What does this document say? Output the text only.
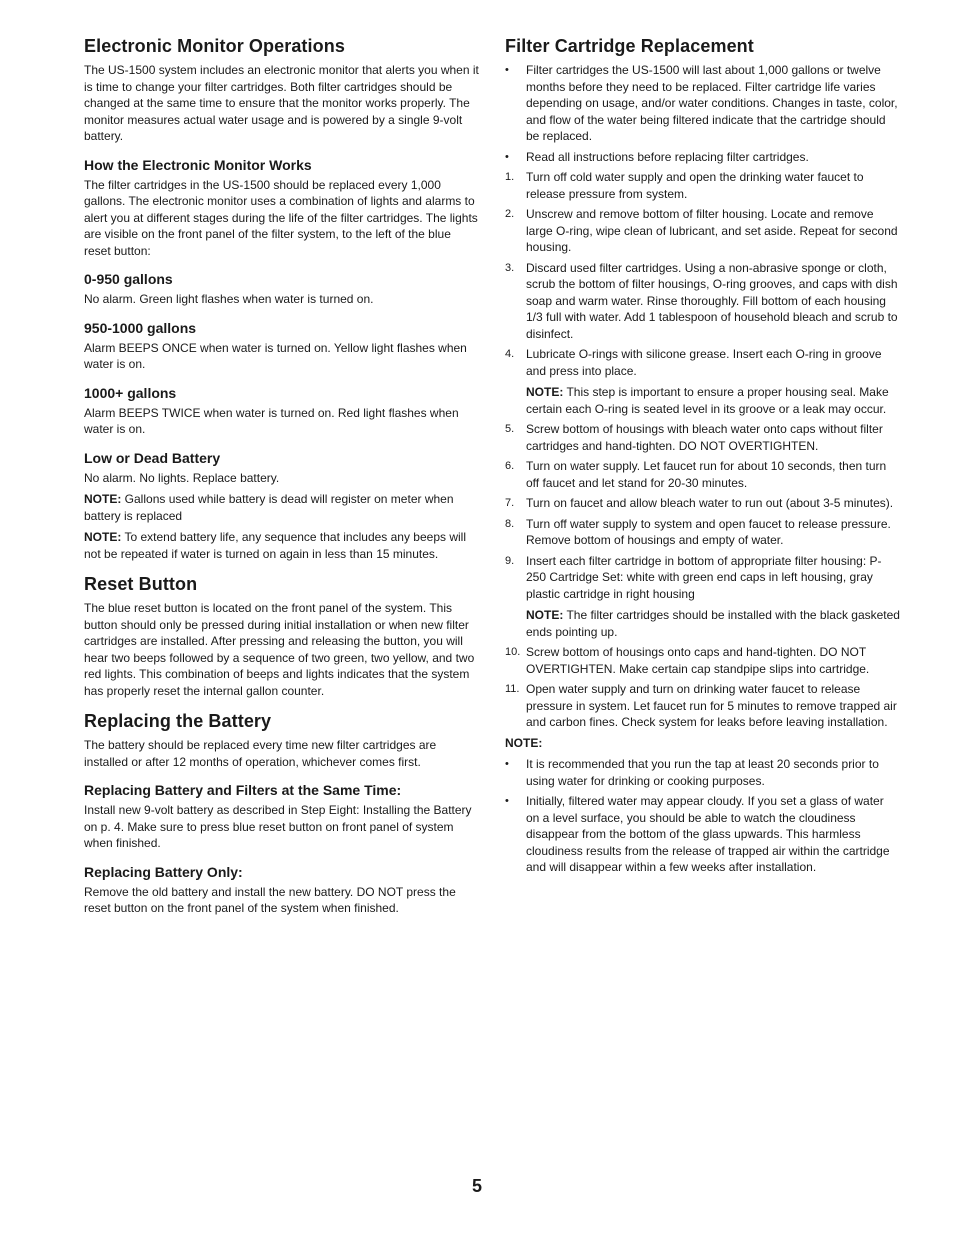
Electronic Monitor Operations

The US-1500 system includes an electronic monitor that alerts you when it is time to change your filter cartridges. Both filter cartridges should be changed at the same time to ensure that the monitor works properly. The monitor measures actual water usage and is powered by a single 9-volt battery.

How the Electronic Monitor Works

The filter cartridges in the US-1500 should be replaced every 1,000 gallons. The electronic monitor uses a combination of lights and alarms to alert you at different stages during the life of the filter cartridges. The lights are visible on the front panel of the filter system, to the left of the blue reset button:

0-950 gallons

No alarm. Green light flashes when water is turned on.

950-1000 gallons

Alarm BEEPS ONCE when water is turned on. Yellow light flashes when water is on.

1000+ gallons

Alarm BEEPS TWICE when water is turned on. Red light flashes when water is on.

Low or Dead Battery

No alarm. No lights. Replace battery.

NOTE: Gallons used while battery is dead will register on meter when battery is replaced

NOTE: To extend battery life, any sequence that includes any beeps will not be repeated if water is turned on again in less than 15 minutes.

Reset Button

The blue reset button is located on the front panel of the system. This button should only be pressed during initial installation or when new filter cartridges are installed. After pressing and releasing the button, you will hear two beeps followed by a sequence of two green, two yellow, and two red lights. This combination of beeps and lights indicates that the system has properly reset the internal gallon counter.

Replacing the Battery

The battery should be replaced every time new filter cartridges are installed or after 12 months of operation, whichever comes first.

Replacing Battery and Filters at the Same Time:

Install new 9-volt battery as described in Step Eight: Installing the Battery on p. 4. Make sure to press blue reset button on front panel of system when finished.

Replacing Battery Only:

Remove the old battery and install the new battery. DO NOT press the reset button on the front panel of the system when finished.

Filter Cartridge Replacement
•	Filter cartridges the US-1500 will last about 1,000 gallons or twelve months before they need to be replaced. Filter cartridge life varies depending on usage, and/or water conditions. Changes in taste, color, and flow of the water being filtered indicate that the cartridge should be replaced.
•	Read all instructions before replacing filter cartridges.
1. Turn off cold water supply and open the drinking water faucet to release pressure from system.
2. Unscrew and remove bottom of filter housing. Locate and remove large O-ring, wipe clean of lubricant, and set aside. Repeat for second housing.
3. Discard used filter cartridges. Using a non-abrasive sponge or cloth, scrub the bottom of filter housings, O-ring grooves, and caps with dish soap and warm water. Rinse thoroughly. Fill bottom of each housing 1/3 full with water. Add 1 tablespoon of household bleach and scrub to disinfect.
4. Lubricate O-rings with silicone grease. Insert each O-ring in groove and press into place.
NOTE: This step is important to ensure a proper housing seal. Make certain each O-ring is seated level in its groove or a leak may occur.
5. Screw bottom of housings with bleach water onto caps without filter cartridges and hand-tighten. DO NOT OVERTIGHTEN.
6. Turn on water supply. Let faucet run for about 10 seconds, then turn off faucet and let stand for 20-30 minutes.
7. Turn on faucet and allow bleach water to run out (about 3-5 minutes).
8. Turn off water supply to system and open faucet to release pressure. Remove bottom of housings and empty of water.
9. Insert each filter cartridge in bottom of appropriate filter housing: P-250 Cartridge Set: white with green end caps in left housing, gray plastic cartridge in right housing
NOTE: The filter cartridges should be installed with the black gasketed ends pointing up.
10. Screw bottom of housings onto caps and hand-tighten. DO NOT OVERTIGHTEN. Make certain cap standpipe slips into cartridge.
11. Open water supply and turn on drinking water faucet to release pressure in system. Let faucet run for 5 minutes to remove trapped air and carbon fines. Check system for leaks before leaving installation.

NOTE:

•	It is recommended that you run the tap at least 20 seconds prior to using water for drinking or cooking purposes.
•	Initially, filtered water may appear cloudy. If you set a glass of water on a level surface, you should be able to watch the cloudiness disappear from the bottom of the glass upwards. This harmless cloudiness results from the release of trapped air within the cartridge and will disappear within a few weeks after installation.
5
